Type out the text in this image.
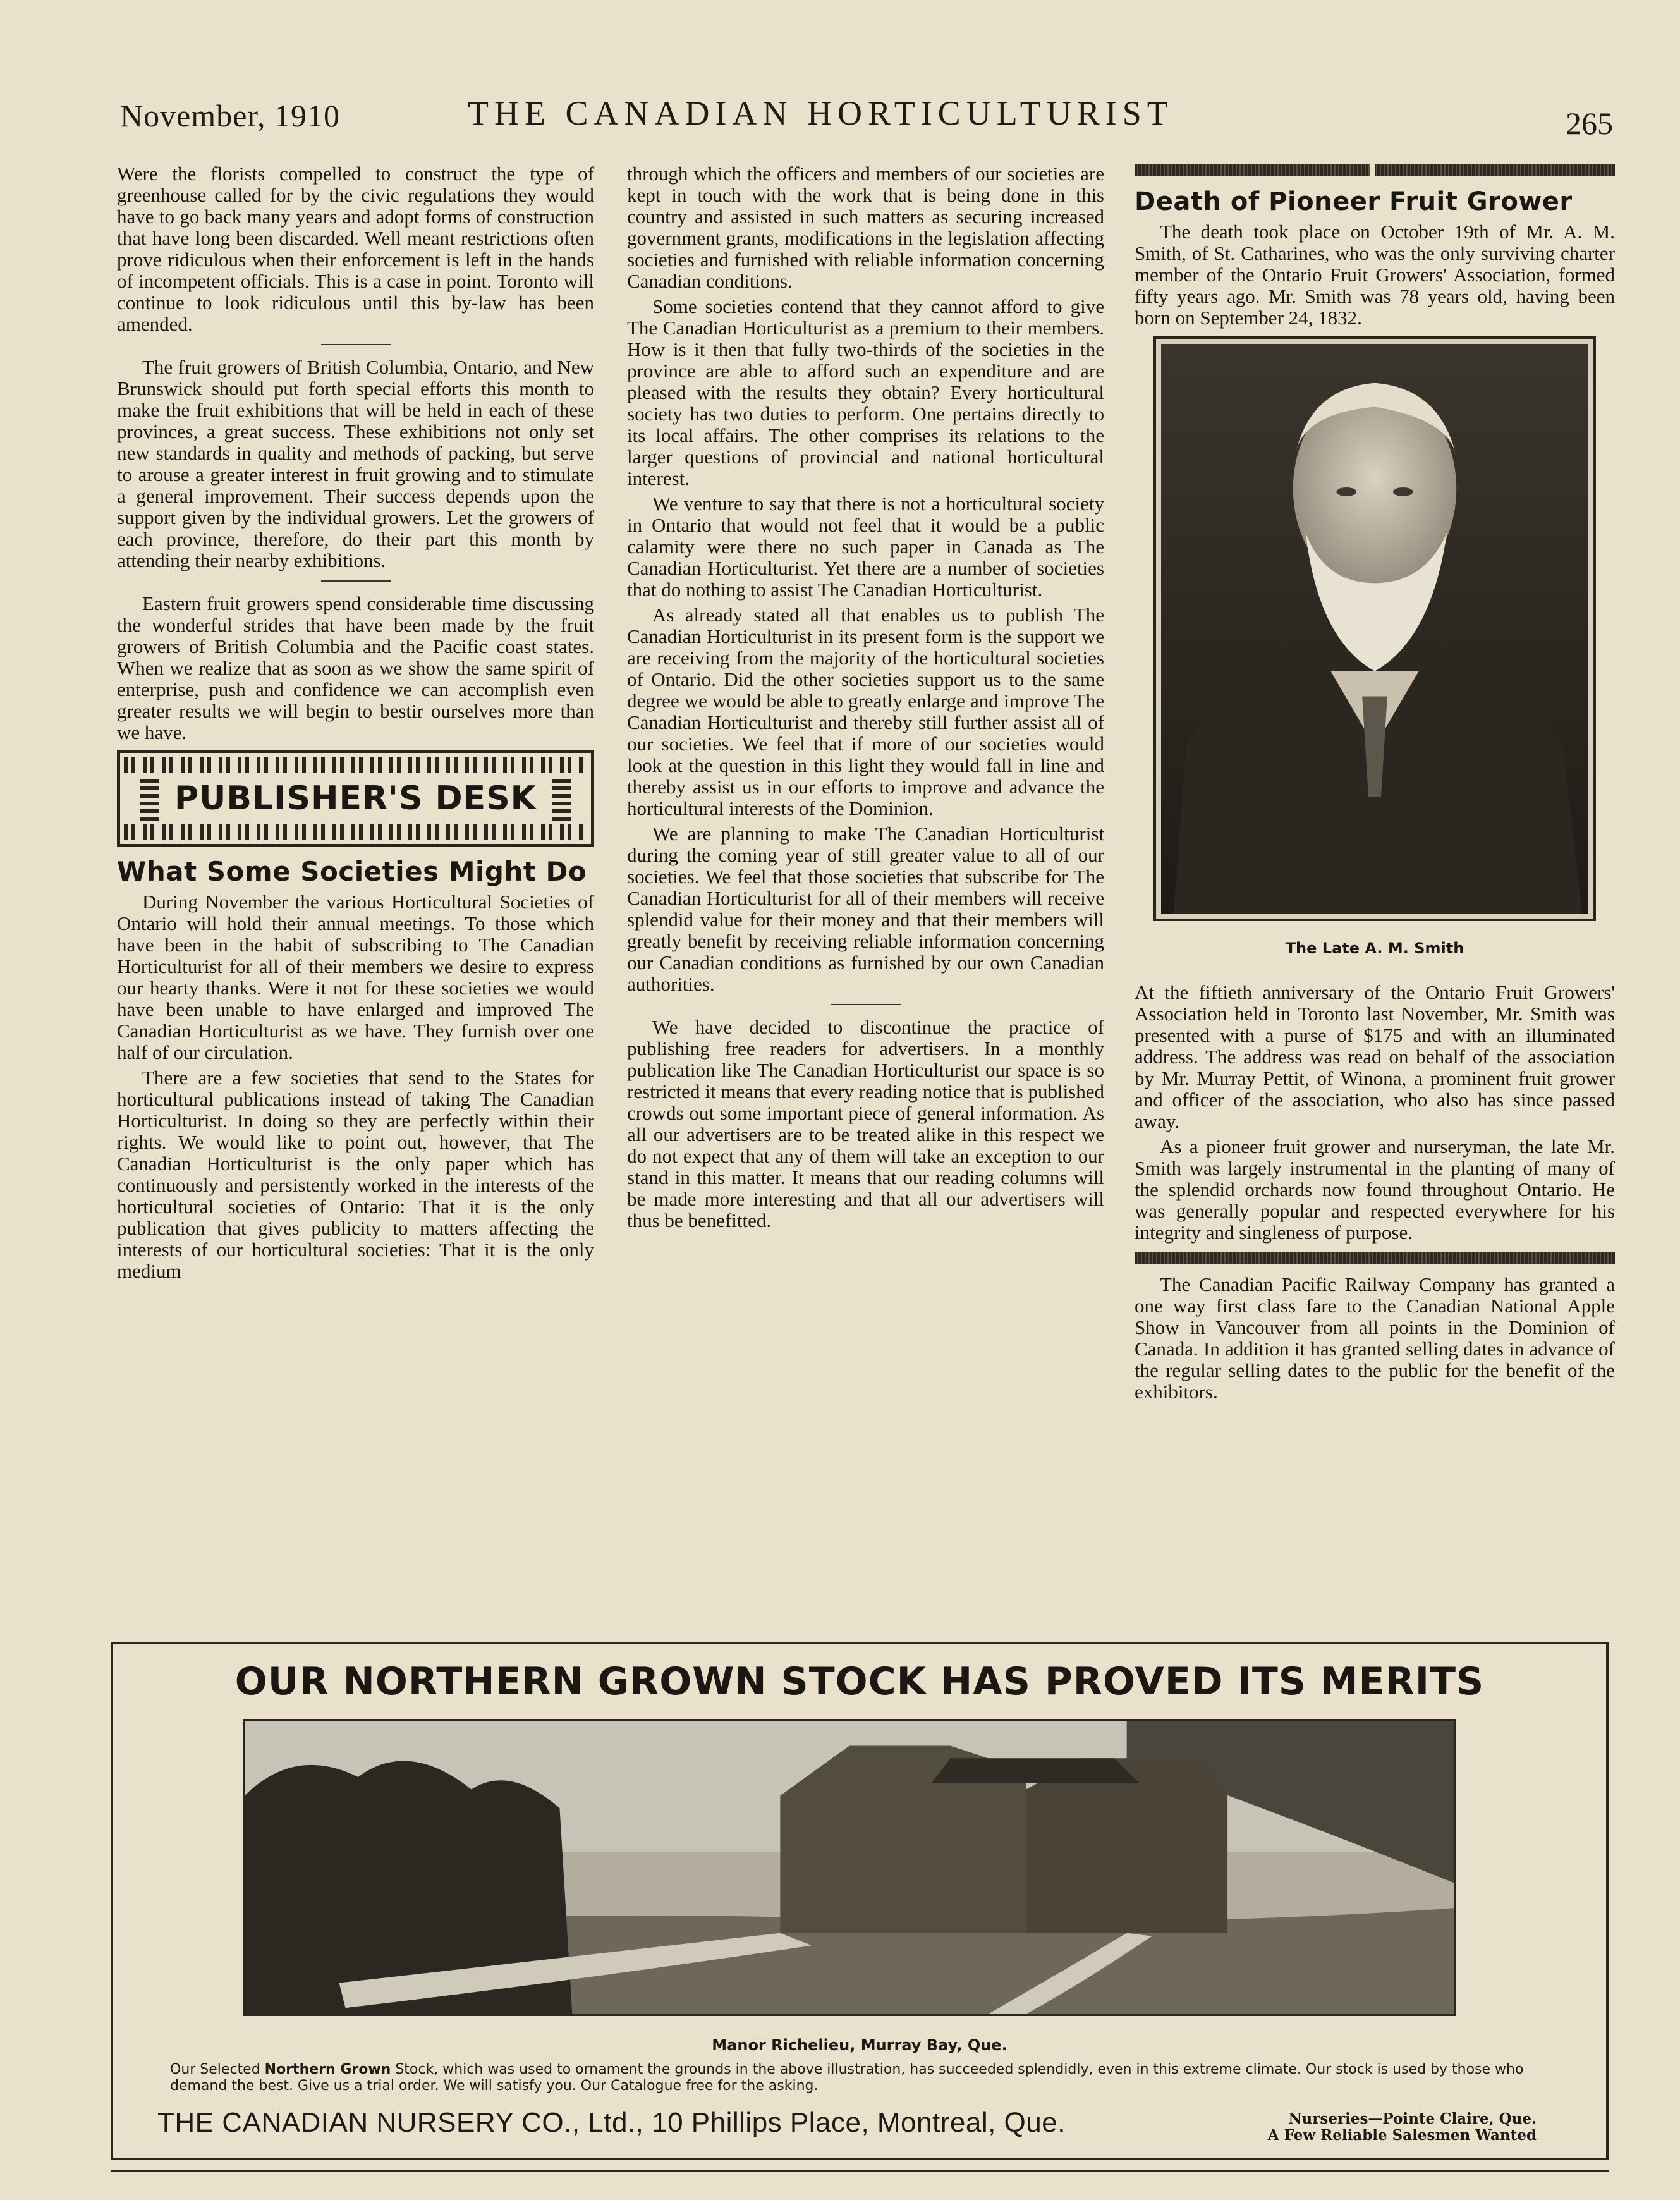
November, 1910	THE CANADIAN HORTICULTURIST	265

Were the florists compelled to construct the type of greenhouse called for by the civic regulations they would have to go back many years and adopt forms of construction that have long been discarded. Well meant restrictions often prove ridiculous when their enforcement is left in the hands of incompetent officials. This is a case in point. Toronto will continue to look ridiculous until this by-law has been amended.

The fruit growers of British Columbia, Ontario, and New Brunswick should put forth special efforts this month to make the fruit exhibitions that will be held in each of these provinces, a great success. These exhibitions not only set new standards in quality and methods of packing, but serve to arouse a greater interest in fruit growing and to stimulate a general improvement. Their success depends upon the support given by the individual growers. Let the growers of each province, therefore, do their part this month by attending their nearby exhibitions.

Eastern fruit growers spend considerable time discussing the wonderful strides that have been made by the fruit growers of British Columbia and the Pacific coast states. When we realize that as soon as we show the same spirit of enterprise, push and confidence we can accomplish even greater results we will begin to bestir ourselves more than we have.

PUBLISHER'S DESK
What Some Societies Might Do

During November the various Horticultural Societies of Ontario will hold their annual meetings. To those which have been in the habit of subscribing to The Canadian Horticulturist for all of their members we desire to express our hearty thanks. Were it not for these societies we would have been unable to have enlarged and improved The Canadian Horticulturist as we have. They furnish over one half of our circulation.

There are a few societies that send to the States for horticultural publications instead of taking The Canadian Horticulturist. In doing so they are perfectly within their rights. We would like to point out, however, that The Canadian Horticulturist is the only paper which has continuously and persistently worked in the interests of the horticultural societies of Ontario: That it is the only publication that gives publicity to matters affecting the interests of our horticultural societies: That it is the only medium

through which the officers and members of our societies are kept in touch with the work that is being done in this country and assisted in such matters as securing increased government grants, modifications in the legislation affecting societies and furnished with reliable information concerning Canadian conditions.

Some societies contend that they cannot afford to give The Canadian Horticulturist as a premium to their members. How is it then that fully two-thirds of the societies in the province are able to afford such an expenditure and are pleased with the results they obtain? Every horticultural society has two duties to perform. One pertains directly to its local affairs. The other comprises its relations to the larger questions of provincial and national horticultural interest.

We venture to say that there is not a horticultural society in Ontario that would not feel that it would be a public calamity were there no such paper in Canada as The Canadian Horticulturist. Yet there are a number of societies that do nothing to assist The Canadian Horticulturist.

As already stated all that enables us to publish The Canadian Horticulturist in its present form is the support we are receiving from the majority of the horticultural societies of Ontario. Did the other societies support us to the same degree we would be able to greatly enlarge and improve The Canadian Horticulturist and thereby still further assist all of our societies. We feel that if more of our societies would look at the question in this light they would fall in line and thereby assist us in our efforts to improve and advance the horticultural interests of the Dominion.

We are planning to make The Canadian Horticulturist during the coming year of still greater value to all of our societies. We feel that those societies that subscribe for The Canadian Horticulturist for all of their members will receive splendid value for their money and that their members will greatly benefit by receiving reliable information concerning our Canadian conditions as furnished by our own Canadian authorities.

We have decided to discontinue the practice of publishing free readers for advertisers. In a monthly publication like The Canadian Horticulturist our space is so restricted it means that every reading notice that is published crowds out some important piece of general information. As all our advertisers are to be treated alike in this respect we do not expect that any of them will take an exception to our stand in this matter. It means that our reading columns will be made more interesting and that all our advertisers will thus be benefitted.

Death of Pioneer Fruit Grower

The death took place on October 19th of Mr. A. M. Smith, of St. Catharines, who was the only surviving charter member of the Ontario Fruit Growers' Association, formed fifty years ago. Mr. Smith was 78 years old, having been born on September 24, 1832.

The Late A. M. Smith

At the fiftieth anniversary of the Ontario Fruit Growers' Association held in Toronto last November, Mr. Smith was presented with a purse of $175 and with an illuminated address. The address was read on behalf of the association by Mr. Murray Pettit, of Winona, a prominent fruit grower and officer of the association, who also has since passed away.

As a pioneer fruit grower and nurseryman, the late Mr. Smith was largely instrumental in the planting of many of the splendid orchards now found throughout Ontario. He was generally popular and respected everywhere for his integrity and singleness of purpose.

The Canadian Pacific Railway Company has granted a one way first class fare to the Canadian National Apple Show in Vancouver from all points in the Dominion of Canada. In addition it has granted selling dates in advance of the regular selling dates to the public for the benefit of the exhibitors.

OUR NORTHERN GROWN STOCK HAS PROVED ITS MERITS
Manor Richelieu, Murray Bay, Que.
Our Selected Northern Grown Stock, which was used to ornament the grounds in the above illustration, has succeeded splendidly, even in this extreme climate. Our stock is used by those who demand the best. Give us a trial order. We will satisfy you. Our Catalogue free for the asking.
THE CANADIAN NURSERY CO., Ltd., 10 Phillips Place, Montreal, Que.	Nurseries—Pointe Claire, Que.
A Few Reliable Salesmen Wanted
